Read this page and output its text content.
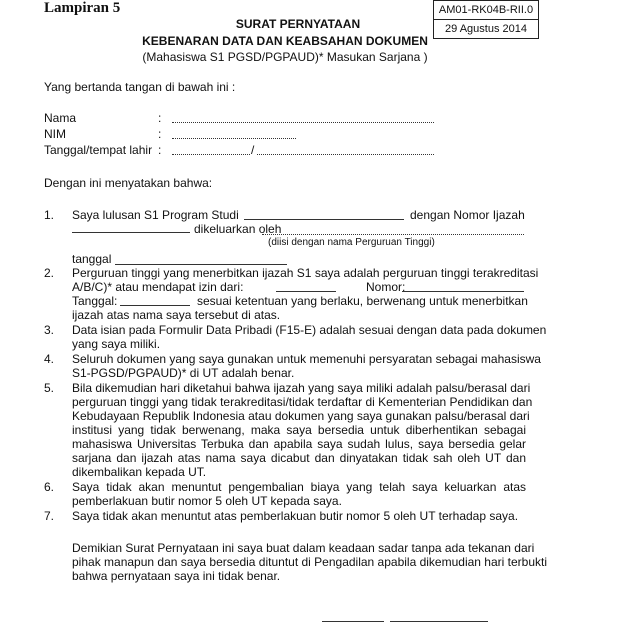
Lampiran 5	AM01-RK04B-RII.0
29 Agustus 2014
SURAT PERNYATAAN
KEBENARAN DATA DAN KEABSAHAN DOKUMEN
(Mahasiswa S1 PGSD/PGPAUD)* Masukan Sarjana )
Yang bertanda tangan di bawah ini :
Nama	:
NIM	:
Tanggal/tempat lahir :	/
Dengan ini menyatakan bahwa:
1. Saya lulusan S1 Program Studi	dengan Nomor Ijazah
dikeluarkan oleh
(diisi dengan nama Perguruan Tinggi)
tanggal
2. Perguruan tinggi yang menerbitkan ijazah S1 saya adalah perguruan tinggi terakreditasi
A/B/C)* atau mendapat izin dari:	Nomor:
Tanggal:	sesuai ketentuan yang berlaku, berwenang untuk menerbitkan
ijazah atas nama saya tersebut di atas.
3. Data isian pada Formulir Data Pribadi (F15-E) adalah sesuai dengan data pada dokumen
yang saya miliki.
4. Seluruh dokumen yang saya gunakan untuk memenuhi persyaratan sebagai mahasiswa
S1-PGSD/PGPAUD)* di UT adalah benar.
5. Bila dikemudian hari diketahui bahwa ijazah yang saya miliki adalah palsu/berasal dari
perguruan tinggi yang tidak terakreditasi/tidak terdaftar di Kementerian Pendidikan dan
Kebudayaan Republik Indonesia atau dokumen yang saya gunakan palsu/berasal dari
institusi yang tidak berwenang, maka saya bersedia untuk diberhentikan sebagai
mahasiswa Universitas Terbuka dan apabila saya sudah lulus, saya bersedia gelar
sarjana dan ijazah atas nama saya dicabut dan dinyatakan tidak sah oleh UT dan
dikembalikan kepada UT.
6. Saya tidak akan menuntut pengembalian biaya yang telah saya keluarkan atas
pemberlakuan butir nomor 5 oleh UT kepada saya.
7. Saya tidak akan menuntut atas pemberlakuan butir nomor 5 oleh UT terhadap saya.
Demikian Surat Pernyataan ini saya buat dalam keadaan sadar tanpa ada tekanan dari
pihak manapun dan saya bersedia dituntut di Pengadilan apabila dikemudian hari terbukti
bahwa pernyataan saya ini tidak benar.
